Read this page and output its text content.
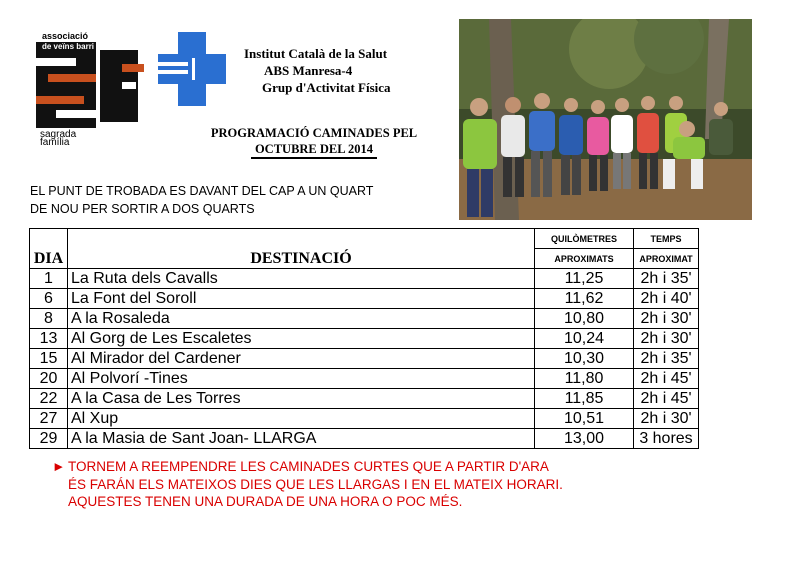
associació
de veïns barri
sf
sagrada
família
Institut Català de la Salut
ABS Manresa-4
Grup d'Activitat Física
PROGRAMACIÓ CAMINADES PEL
OCTUBRE DEL 2014
EL PUNT DE TROBADA ES DAVANT DEL CAP A UN QUART
DE NOU PER SORTIR A DOS QUARTS
DIA	DESTINACIÓ	QUILÒMETRES	TEMPS
		APROXIMATS	APROXIMAT
1	La Ruta dels Cavalls	11,25	2h i 35'
6	La Font del Soroll	11,62	2h i 40'
8	A la Rosaleda	10,80	2h i 30'
13	Al Gorg de Les Escaletes	10,24	2h i 30'
15	Al Mirador del Cardener	10,30	2h i 35'
20	Al Polvorí -Tines	11,80	2h i 45'
22	A la Casa de Les Torres	11,85	2h i 45'
27	Al Xup	10,51	2h i 30'
29	A la Masia de Sant Joan- LLARGA	13,00	3 hores
► TORNEM A REEMPENDRE LES CAMINADES CURTES QUE A PARTIR D'ARA
ÉS FARÁN ELS MATEIXOS DIES QUE LES LLARGAS I EN EL MATEIX HORARI.
AQUESTES TENEN UNA DURADA DE UNA HORA O POC MÉS.
